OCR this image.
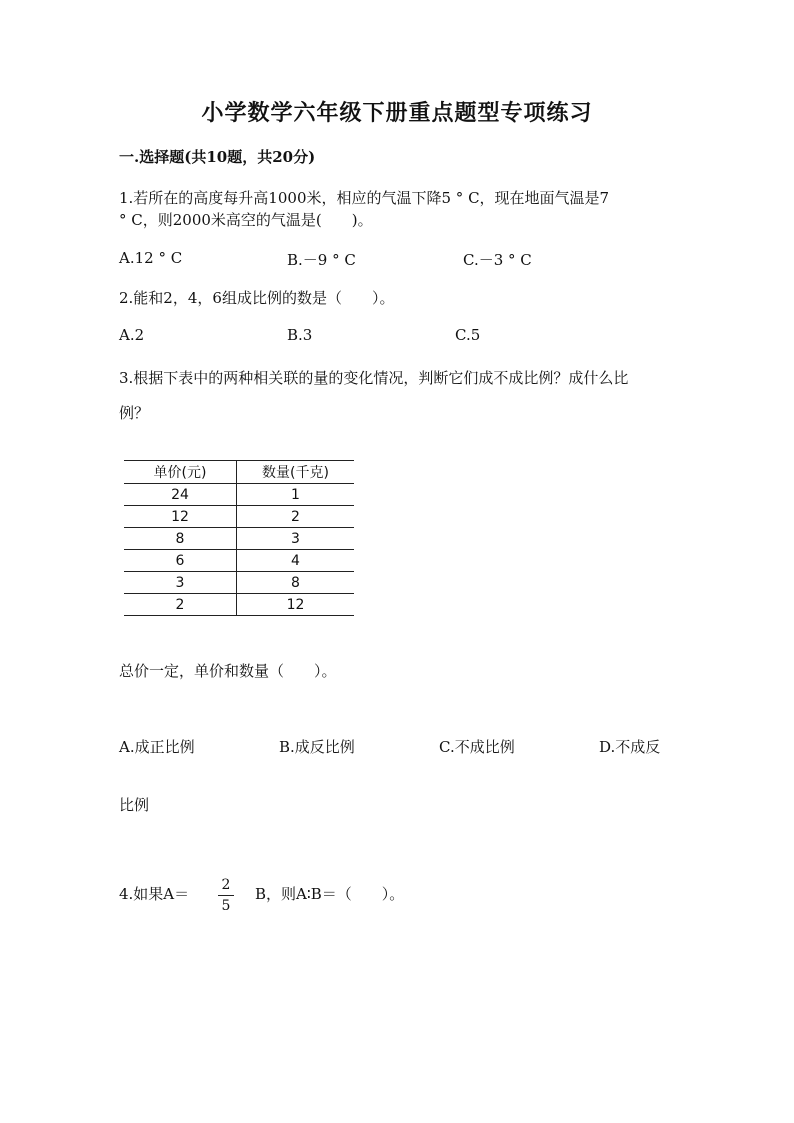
小学数学六年级下册重点题型专项练习
一.选择题(共10题，共20分)
1.若所在的高度每升高1000米，相应的气温下降5 ° C，现在地面气温是7
° C，则2000米高空的气温是(　　)。
A.12 ° C	B.－9 ° C	C.－3 ° C
2.能和2，4，6组成比例的数是（　　）。
A.2	B.3	C.5
3.根据下表中的两种相关联的量的变化情况，判断它们成不成比例？成什么比
例？
单价(元)	数量(千克)
24	1
12	2
8	3
6	4
3	8
2	12
总价一定，单价和数量（　　）。
A.成正比例	B.成反比例	C.不成比例	D.不成反
比例
4.如果A＝ 2
5
B，则A∶B＝（　　）。
